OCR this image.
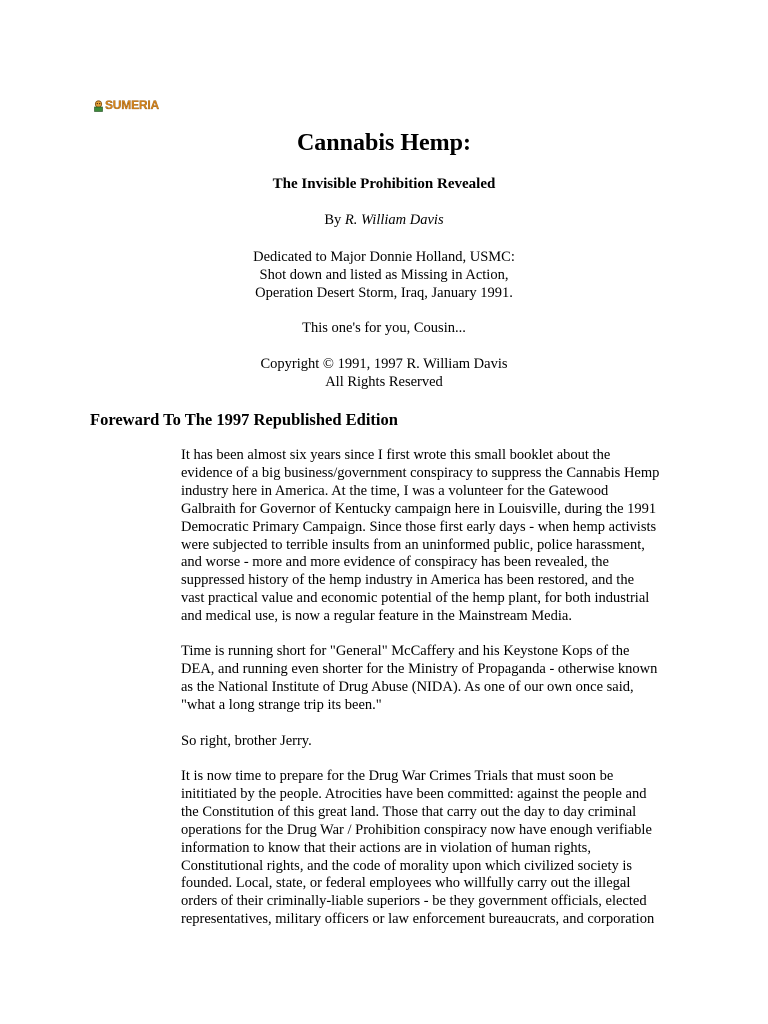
SUMERIA
Cannabis Hemp:
The Invisible Prohibition Revealed
By R. William Davis
Dedicated to Major Donnie Holland, USMC:
Shot down and listed as Missing in Action,
Operation Desert Storm, Iraq, January 1991.
This one's for you, Cousin...
Copyright © 1991, 1997 R. William Davis
All Rights Reserved
Foreward To The 1997 Republished Edition

It has been almost six years since I first wrote this small booklet about the
evidence of a big business/government conspiracy to suppress the Cannabis Hemp
industry here in America. At the time, I was a volunteer for the Gatewood
Galbraith for Governor of Kentucky campaign here in Louisville, during the 1991
Democratic Primary Campaign. Since those first early days - when hemp activists
were subjected to terrible insults from an uninformed public, police harassment,
and worse - more and more evidence of conspiracy has been revealed, the
suppressed history of the hemp industry in America has been restored, and the
vast practical value and economic potential of the hemp plant, for both industrial
and medical use, is now a regular feature in the Mainstream Media.

Time is running short for "General" McCaffery and his Keystone Kops of the
DEA, and running even shorter for the Ministry of Propaganda - otherwise known
as the National Institute of Drug Abuse (NIDA). As one of our own once said,
"what a long strange trip its been."

So right, brother Jerry.

It is now time to prepare for the Drug War Crimes Trials that must soon be
inititiated by the people. Atrocities have been committed: against the people and
the Constitution of this great land. Those that carry out the day to day criminal
operations for the Drug War / Prohibition conspiracy now have enough verifiable
information to know that their actions are in violation of human rights,
Constitutional rights, and the code of morality upon which civilized society is
founded. Local, state, or federal employees who willfully carry out the illegal
orders of their criminally-liable superiors - be they government officials, elected
representatives, military officers or law enforcement bureaucrats, and corporation
